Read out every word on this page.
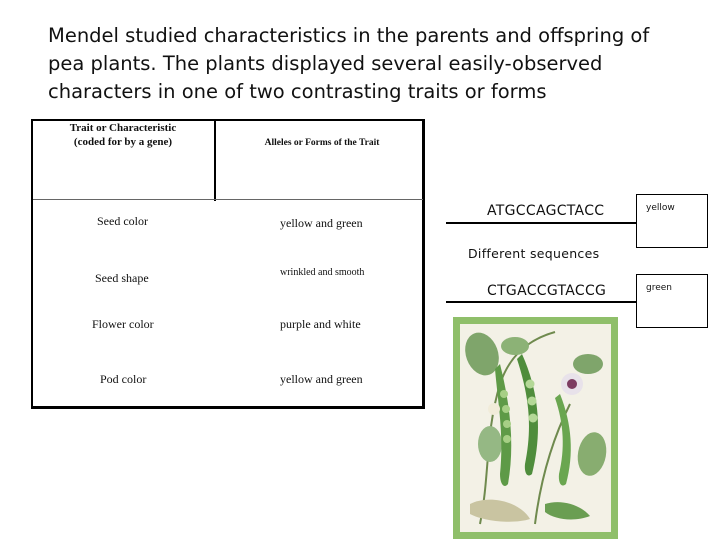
Mendel studied characteristics in the parents and offspring of
pea plants. The plants displayed several easily-observed
characters in one of two contrasting traits or forms
Trait or Characteristic
(coded for by a gene)	Alleles or Forms of the Trait
Seed color	yellow and green
Seed shape	wrinkled and smooth
Flower color	purple and white
Pod color	yellow and green
ATGCCAGCTACC	yellow
Different sequences
CTGACCGTACCG	green
